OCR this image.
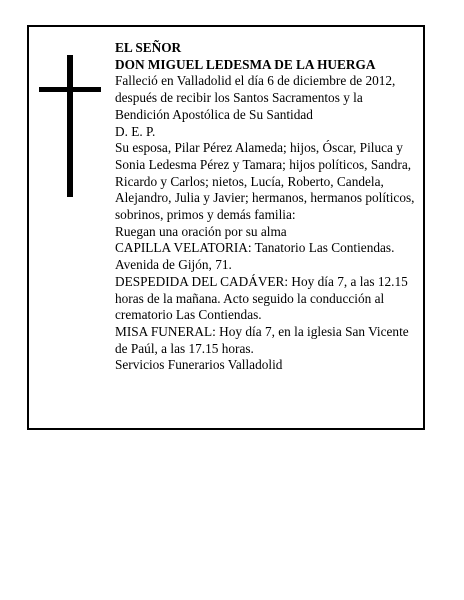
EL SEÑOR

DON MIGUEL LEDESMA DE LA HUERGA

Falleció en Valladolid el día 6 de diciembre de 2012, después de recibir los Santos Sacramentos y la Bendición Apostólica de Su Santidad

D. E. P.

Su esposa, Pilar Pérez Alameda; hijos, Óscar, Piluca y Sonia Ledesma Pérez y Tamara; hijos políticos, Sandra, Ricardo y Carlos; nietos, Lucía, Roberto, Candela, Alejandro, Julia y Javier; hermanos, hermanos políticos, sobrinos, primos y demás familia:

Ruegan una oración por su alma

CAPILLA VELATORIA: Tanatorio Las Contiendas. Avenida de Gijón, 71.

DESPEDIDA DEL CADÁVER: Hoy día 7, a las 12.15 horas de la mañana. Acto seguido la conducción al crematorio Las Contiendas.

MISA FUNERAL: Hoy día 7, en la iglesia San Vicente de Paúl, a las 17.15 horas.

Servicios Funerarios Valladolid
